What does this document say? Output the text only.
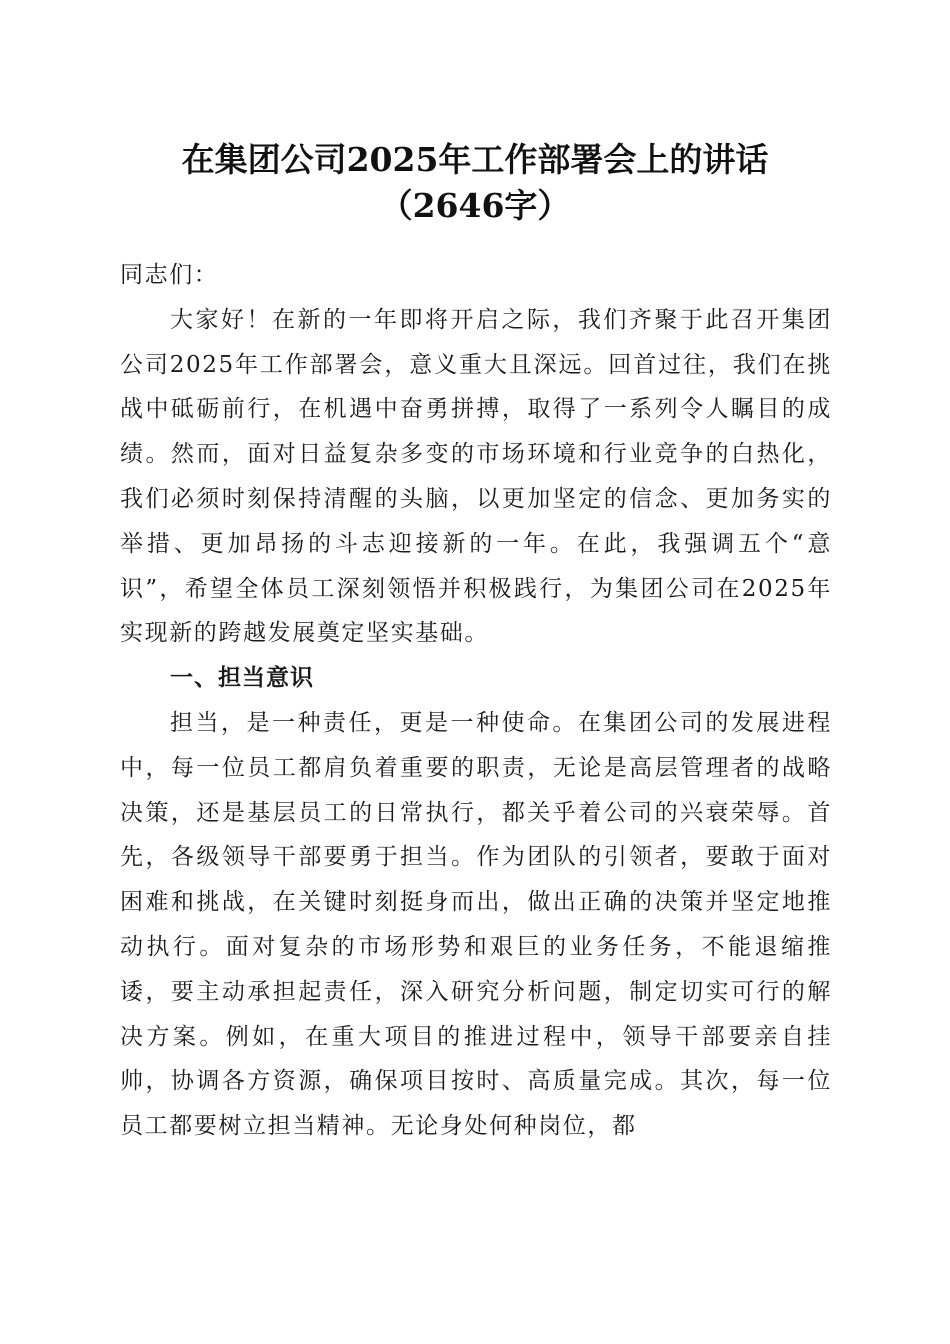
在集团公司2025年工作部署会上的讲话
（2646字）

同志们：

大家好！在新的一年即将开启之际，我们齐聚于此召开集团公司2025年工作部署会，意义重大且深远。回首过往，我们在挑战中砥砺前行，在机遇中奋勇拼搏，取得了一系列令人瞩目的成绩。然而，面对日益复杂多变的市场环境和行业竞争的白热化，我们必须时刻保持清醒的头脑，以更加坚定的信念、更加务实的举措、更加昂扬的斗志迎接新的一年。在此，我强调五个“意识”，希望全体员工深刻领悟并积极践行，为集团公司在2025年实现新的跨越发展奠定坚实基础。

一、担当意识

担当，是一种责任，更是一种使命。在集团公司的发展进程中，每一位员工都肩负着重要的职责，无论是高层管理者的战略决策，还是基层员工的日常执行，都关乎着公司的兴衰荣辱。首先，各级领导干部要勇于担当。作为团队的引领者，要敢于面对困难和挑战，在关键时刻挺身而出，做出正确的决策并坚定地推动执行。面对复杂的市场形势和艰巨的业务任务，不能退缩推诿，要主动承担起责任，深入研究分析问题，制定切实可行的解决方案。例如，在重大项目的推进过程中，领导干部要亲自挂帅，协调各方资源，确保项目按时、高质量完成。其次，每一位员工都要树立担当精神。无论身处何种岗位，都
